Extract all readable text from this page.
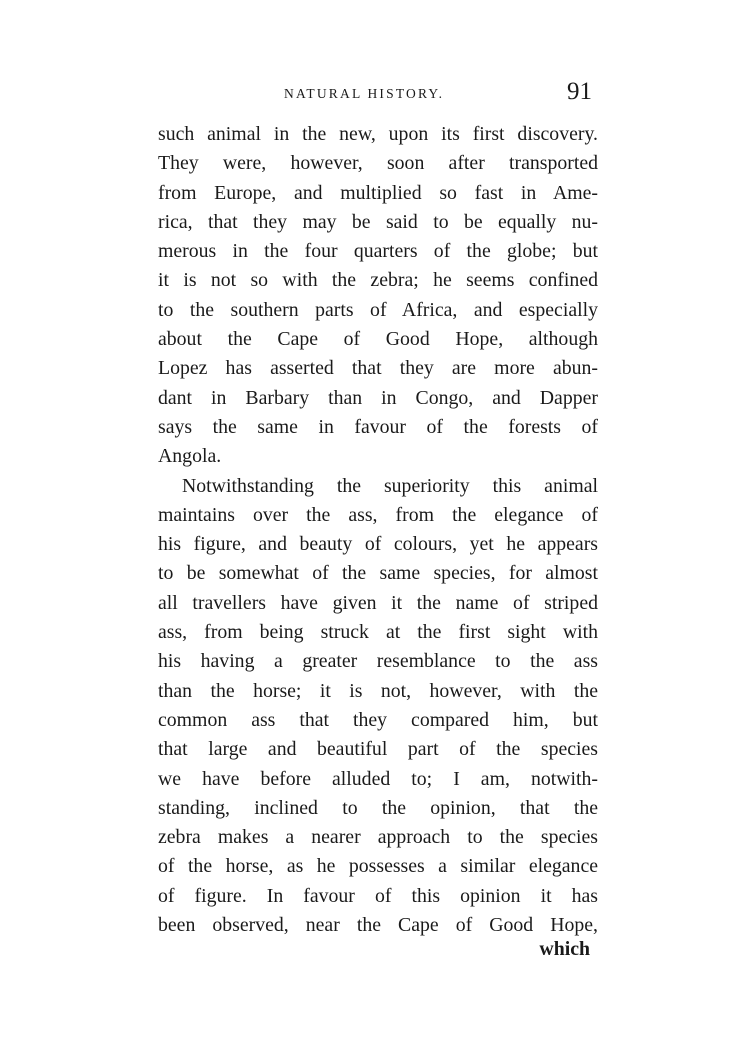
NATURAL HISTORY.	91
such animal in the new, upon its first discovery.
They were, however, soon after transported
from Europe, and multiplied so fast in Ame-
rica, that they may be said to be equally nu-
merous in the four quarters of the globe; but
it is not so with the zebra; he seems confined
to the southern parts of Africa, and especially
about the Cape of Good Hope, although
Lopez has asserted that they are more abun-
dant in Barbary than in Congo, and Dapper
says the same in favour of the forests of
Angola.
Notwithstanding the superiority this animal
maintains over the ass, from the elegance of
his figure, and beauty of colours, yet he appears
to be somewhat of the same species, for almost
all travellers have given it the name of striped
ass, from being struck at the first sight with
his having a greater resemblance to the ass
than the horse; it is not, however, with the
common ass that they compared him, but
that large and beautiful part of the species
we have before alluded to; I am, notwith-
standing, inclined to the opinion, that the
zebra makes a nearer approach to the species
of the horse, as he possesses a similar elegance
of figure. In favour of this opinion it has
been observed, near the Cape of Good Hope,
which
